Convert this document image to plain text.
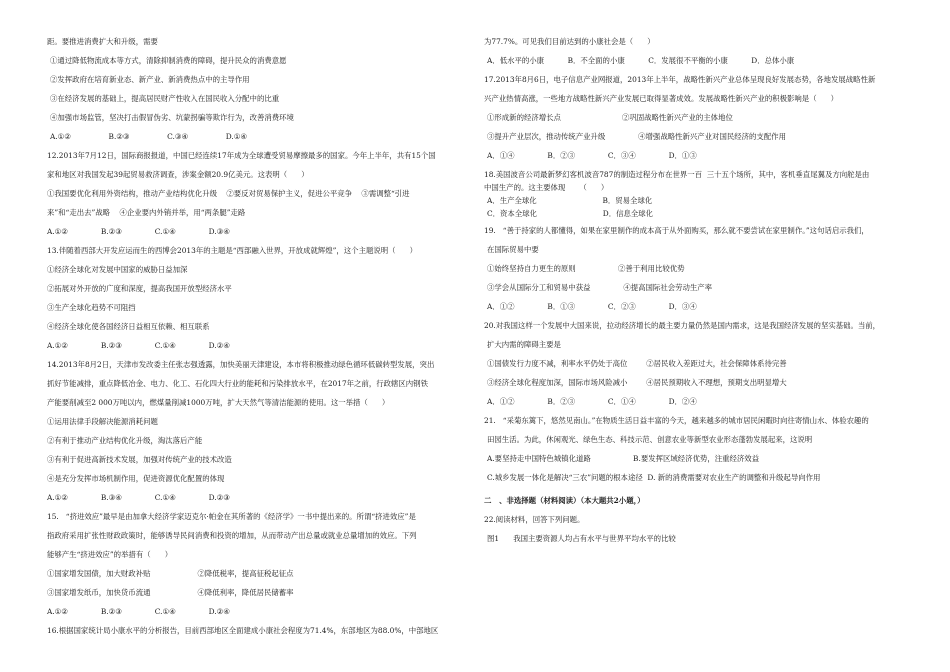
距。要推进消费扩大和升级，需要
①通过降低物流成本等方式，清除抑制消费的障碍，提升民众的消费意愿
②发挥政府在培育新业态、新产业、新消费热点中的主导作用
③在经济发展的基础上，提高居民财产性收入在国民收入分配中的比重
④加强市场监管，坚决打击假冒伪劣、坑蒙拐骗等欺诈行为，改善消费环境
A.①②                B.②③                C.③④                D.①④
12.2013年7月12日，国际商报报道，中国已经连续17年成为全球遭受贸易摩擦最多的国家。今年上半年，共有15个国
家和地区对我国发起39起贸易救济调查，涉案金额20.9亿美元。这表明（      ）
①我国要优化利用外资结构，推动产业结构优化升级    ②要反对贸易保护主义，促进公平竞争    ③需调整“引进
来”和“走出去”战略    ④企业要内外销并举，用“两条腿”走路
A.①②              B.②③              C.①④              D.③④
13.伴随着西部大开发应运而生的西博会2013年的主题是“西部融入世界，开放成就辉煌”，这个主题说明（      ）
①经济全球化对发展中国家的威胁日益加深
②拓展对外开放的广度和深度，提高我国开放型经济水平
③生产全球化趋势不可阻挡
④经济全球化使各国经济日益相互依赖、相互联系
A.①②              B.②③              C.①④              D.②④
14.2013年8月2日，天津市发改委主任张志强透露，加快美丽天津建设，本市将积极推动绿色循环低碳转型发展，突出
抓好节能减排，重点降低冶金、电力、化工、石化四大行业的能耗和污染排放水平，在2017年之前，行政辖区内钢铁
产能要削减至2 000万吨以内，燃煤量削减1000万吨，扩大天然气等清洁能源的使用。这一举措（      ）
①运用法律手段解决能源消耗问题
②有利于推动产业结构优化升级，淘汰落后产能
③有利于促进高新技术发展，加强对传统产业的技术改造
④是充分发挥市场机制作用，促进资源优化配置的体现
A.①②              B.③④              C.①④              D.②③
15.   “挤进效应”最早是由加拿大经济学家迈克尔·帕金在其所著的《经济学》一书中提出来的。所谓“挤进效应”是
指政府采用扩张性财政政策时，能够诱导民间消费和投资的增加，从而带动产出总量或就业总量增加的效应。下列
能够产生“挤进效应”的举措有（      ）
①国家增发国债，加大财政补贴                    ②降低税率，提高征税起征点
③国家增发纸币，加快货币流通                    ④降低利率，降低居民储蓄率
A.①②              B.②③              C.①④              D.②④
16.根据国家统计局小康水平的分析报告，目前西部地区全面建成小康社会程度为71.4%，东部地区为88.0%，中部地区
为77.7%。可见我们目前达到的小康社会是（      ）
A．低水平的小康          B．不全面的小康          C．发展很不平衡的小康          D．总体小康
17.2013年8月6日，电子信息产业网报道，2013年上半年，战略性新兴产业总体呈现良好发展态势，各地发展战略性新
兴产业热情高涨，一些地方战略性新兴产业发展已取得显著成效。发展战略性新兴产业的积极影响是（      ）
①形成新的经济增长点                          ②巩固战略性新兴产业的主体地位
③提升产业层次，推动传统产业升级              ④增强战略性新兴产业对国民经济的支配作用
A．①④              B．②③              C．③④              D．①③
18.美国波音公司最新梦幻客机波音787的制造过程分布在世界一百  三十五个场所，其中，客机垂直尾翼及方向舵是由
中国生产的。这主要体现      （      ）
A．生产全球化                            B．贸易全球化
C．资本全球化                            D．信息全球化
19.   “善于持家的人都懂得，如果在家里制作的成本高于从外面购买，那么就不要尝试在家里制作。”这句话启示我们，
在国际贸易中要
①始终坚持自力更生的原则                  ②善于利用比较优势
③学会从国际分工和贸易中获益              ④提高国际社会劳动生产率
A．①②              B．①③              C．②③              D．③④
20.对我国这样一个发展中大国来说，拉动经济增长的最主要力量仍然是国内需求，这是我国经济发展的坚实基础。当前，
扩大内需的障碍主要是
①国债发行力度不减，利率水平仍处于高位        ②居民收入差距过大，社会保障体系待完善
③经济全球化程度加深，国际市场风险减小        ④居民预期收入不理想，预期支出明显增大
A．①②              B．②③              C．①④              D．②④
21.   “采菊东篱下，悠然见南山。”在物质生活日益丰富的今天，越来越多的城市居民闲暇时向往寄情山水、体验农趣的
田园生活。为此，休闲观光、绿色生态、科技示范、创意农业等新型农业形态蓬勃发展起来，这说明
A.要坚持走中国特色城镇化道路                  B.要发挥区域经济优势，注重经济效益
C.城乡发展一体化是解决“三农”问题的根本途径  D. 新的消费需要对农业生产的调整和升级起导向作用
二   、非选择题（材料阅读）（本大题共2小题，）
22.阅读材料，回答下列问题。
图1      我国主要资源人均占有水平与世界平均水平的比较
